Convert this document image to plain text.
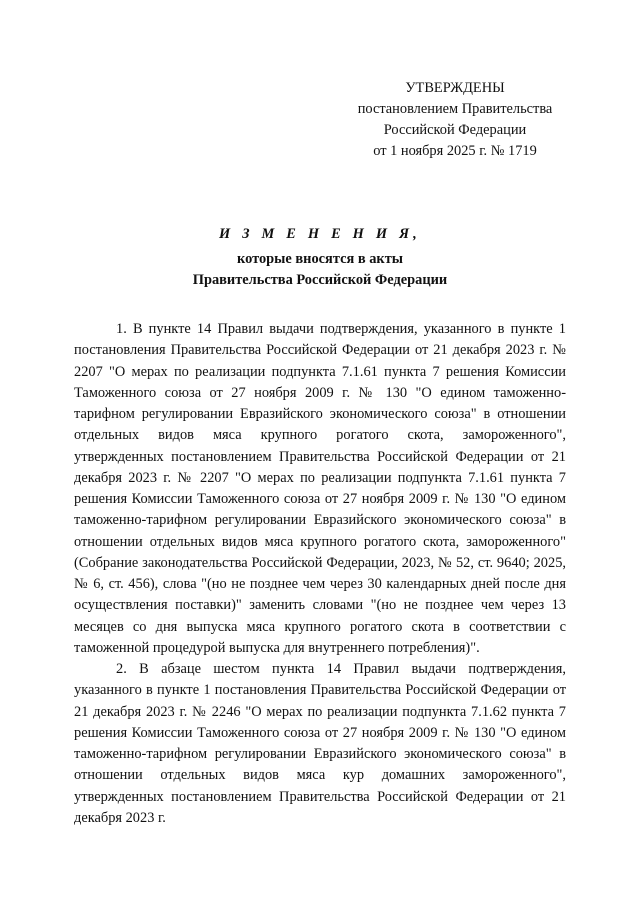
УТВЕРЖДЕНЫ
постановлением Правительства
Российской Федерации
от 1 ноября 2025 г. № 1719
И З М Е Н Е Н И Я,
которые вносятся в акты
Правительства Российской Федерации

1. В пункте 14 Правил выдачи подтверждения, указанного в пункте 1 постановления Правительства Российской Федерации от 21 декабря 2023 г. № 2207 "О мерах по реализации подпункта 7.1.61 пункта 7 решения Комиссии Таможенного союза от 27 ноября 2009 г. № 130 "О едином таможенно-тарифном регулировании Евразийского экономического союза" в отношении отдельных видов мяса крупного рогатого скота, замороженного", утвержденных постановлением Правительства Российской Федерации от 21 декабря 2023 г. № 2207 "О мерах по реализации подпункта 7.1.61 пункта 7 решения Комиссии Таможенного союза от 27 ноября 2009 г. № 130 "О едином таможенно-тарифном регулировании Евразийского экономического союза" в отношении отдельных видов мяса крупного рогатого скота, замороженного" (Собрание законодательства Российской Федерации, 2023, № 52, ст. 9640; 2025, № 6, ст. 456), слова "(но не позднее чем через 30 календарных дней после дня осуществления поставки)" заменить словами "(но не позднее чем через 13 месяцев со дня выпуска мяса крупного рогатого скота в соответствии с таможенной процедурой выпуска для внутреннего потребления)".

2. В абзаце шестом пункта 14 Правил выдачи подтверждения, указанного в пункте 1 постановления Правительства Российской Федерации от 21 декабря 2023 г. № 2246 "О мерах по реализации подпункта 7.1.62 пункта 7 решения Комиссии Таможенного союза от 27 ноября 2009 г. № 130 "О едином таможенно-тарифном регулировании Евразийского экономического союза" в отношении отдельных видов мяса кур домашних замороженного", утвержденных постановлением Правительства Российской Федерации от 21 декабря 2023 г.
